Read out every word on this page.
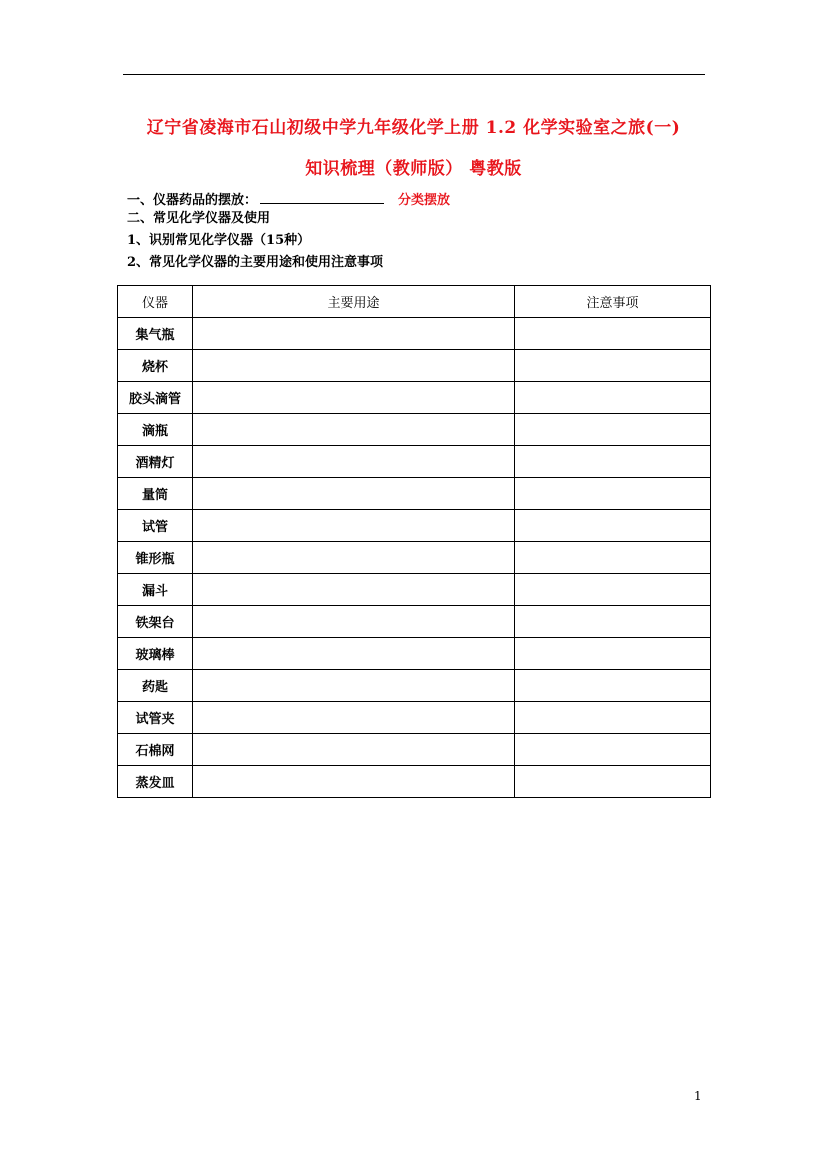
辽宁省凌海市石山初级中学九年级化学上册 1.2 化学实验室之旅(一)
知识梳理（教师版） 粤教版
一、仪器药品的摆放：	分类摆放
二、常见化学仪器及使用
1、识别常见化学仪器（15种）
2、常见化学仪器的主要用途和使用注意事项
仪器	主要用途	注意事项
集气瓶		
烧杯		
胶头滴管		
滴瓶		
酒精灯		
量筒		
试管		
锥形瓶		
漏斗		
铁架台		
玻璃棒		
药匙		
试管夹		
石棉网		
蒸发皿		
1
